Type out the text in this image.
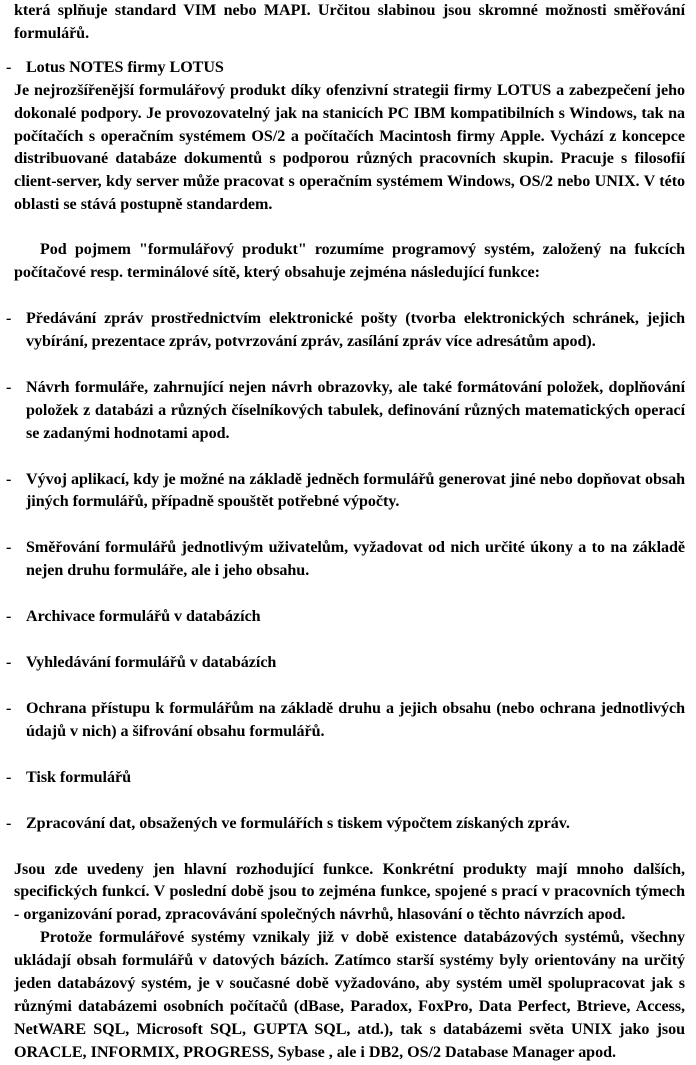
která splňuje standard VIM nebo MAPI. Určitou slabinou jsou skromné možnosti směřování formulářů.

- Lotus NOTES firmy LOTUS

Je nejrozšířenější formulářový produkt díky ofenzivní strategii firmy LOTUS a zabezpečení jeho dokonalé podpory. Je provozovatelný jak na stanicích PC IBM kompatibilních s Windows, tak na počítačích s operačním systémem OS/2 a počítačích Macintosh firmy Apple. Vychází z koncepce distribuované databáze dokumentů s podporou různých pracovních skupin. Pracuje s filosofií client-server, kdy server může pracovat s operačním systémem Windows, OS/2 nebo UNIX. V této oblasti se stává postupně standardem.

Pod pojmem "formulářový produkt" rozumíme programový systém, založený na fukcích počítačové resp. terminálové sítě, který obsahuje zejména následující funkce:

- Předávání zpráv prostřednictvím elektronické pošty (tvorba elektronických schránek, jejich vybírání, prezentace zpráv, potvrzování zpráv, zasílání zpráv více adresátům apod).

- Návrh formuláře, zahrnující nejen návrh obrazovky, ale také formátování položek, doplňování položek z databázi a různých číselníkových tabulek, definování různých matematických operací se zadanými hodnotami apod.

- Vývoj aplikací, kdy je možné na základě jedněch formulářů generovat jiné nebo dopňovat obsah jiných formulářů, případně spouštět potřebné výpočty.

- Směřování formulářů jednotlivým uživatelům, vyžadovat od nich určité úkony a to na základě nejen druhu formuláře, ale i jeho obsahu.

- Archivace formulářů v databázích

- Vyhledávání formulářů v databázích

- Ochrana přístupu k formulářům na základě druhu a jejich obsahu (nebo ochrana jednotlivých údajů v nich) a šifrování obsahu formulářů.

- Tisk formulářů

- Zpracování dat, obsažených ve formulářích s tiskem výpočtem získaných zpráv.

Jsou zde uvedeny jen hlavní rozhodující funkce. Konkrétní produkty mají mnoho dalších, specifických funkcí. V poslední době jsou to zejména funkce, spojené s prací v pracovních týmech - organizování porad, zpracovávání společných návrhů, hlasování o těchto návrzích apod.

Protože formulářové systémy vznikaly již v době existence databázových systémů, všechny ukládají obsah formulářů v datových bázích. Zatímco starší systémy byly orientovány na určitý jeden databázový systém, je v současné době vyžadováno, aby systém uměl spolupracovat jak s různými databázemi osobních počítačů (dBase, Paradox, FoxPro, Data Perfect, Btrieve, Access, NetWARE SQL, Microsoft SQL, GUPTA SQL, atd.), tak s databázemi světa UNIX jako jsou ORACLE, INFORMIX, PROGRESS, Sybase , ale i DB2, OS/2 Database Manager apod.
